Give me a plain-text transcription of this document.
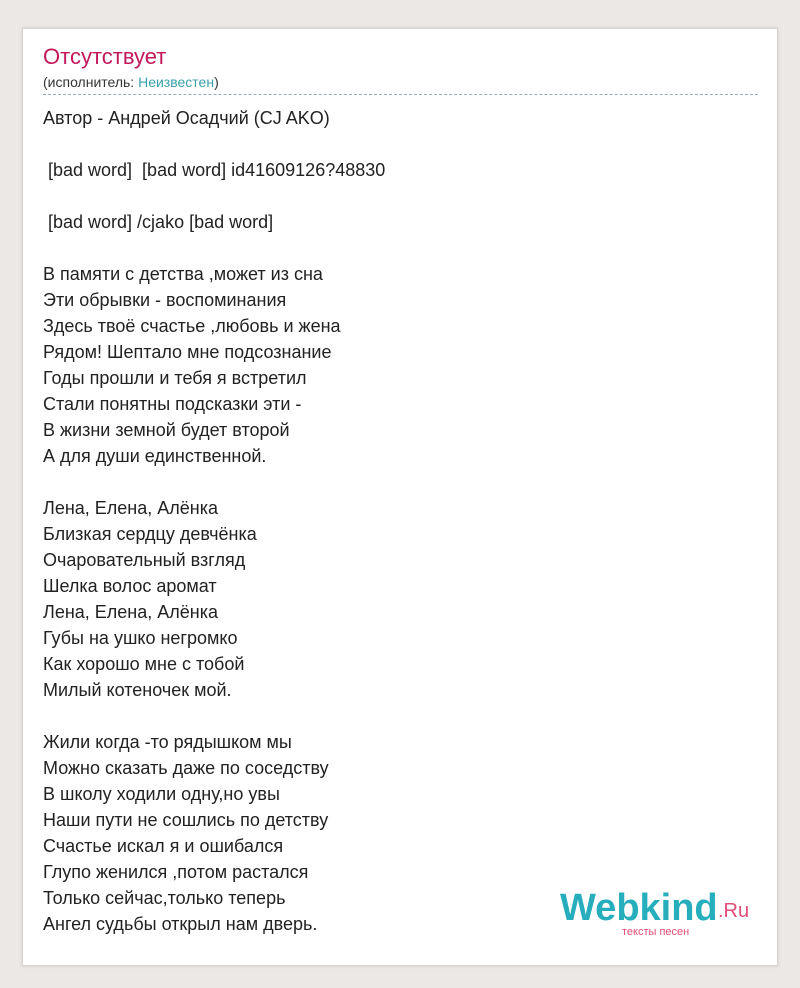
Отсутствует
(исполнитель: Неизвестен)
Автор - Андрей Осадчий (CJ AKO)
[bad word]  [bad word] id41609126?48830
[bad word] /cjako [bad word]
В памяти с детства ,может из сна
Эти обрывки - воспоминания
Здесь твоё счастье ,любовь и жена
Рядом! Шептало мне подсознание
Годы прошли и тебя я встретил
Стали понятны подсказки эти -
В жизни земной будет второй
А для души единственной.
Лена, Елена, Алёнка
Близкая сердцу девчёнка
Очаровательный взгляд
Шелка волос аромат
Лена, Елена, Алёнка
Губы на ушко негромко
Как хорошо мне с тобой
Милый котеночек мой.
Жили когда -то рядышком мы
Можно сказать даже по соседству
В школу ходили одну,но увы
Наши пути не сошлись по детству
Счастье искал я и ошибался
Глупо женился ,потом растался
Только сейчас,только теперь
Ангел судьбы открыл нам дверь.	Webkind .Ru
тексты песен
